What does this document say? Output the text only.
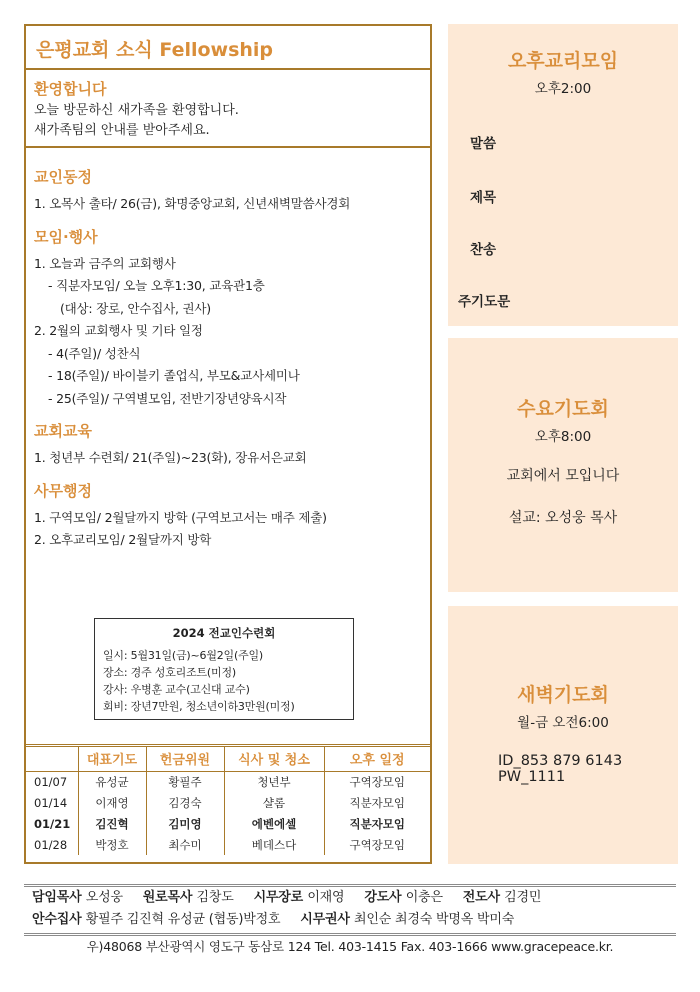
은평교회 소식 Fellowship
환영합니다
오늘 방문하신 새가족을 환영합니다.
새가족팀의 안내를 받아주세요.
교인동정
1. 오목사 출타/ 26(금), 화명중앙교회, 신년새벽말씀사경회
모임·행사
1. 오늘과 금주의 교회행사
- 직분자모임/ 오늘 오후1:30, 교육관1층
(대상: 장로, 안수집사, 권사)
2. 2월의 교회행사 및 기타 일정
- 4(주일)/ 성찬식
- 18(주일)/ 바이블키 졸업식, 부모&교사세미나
- 25(주일)/ 구역별모임, 전반기장년양육시작
교회교육
1. 청년부 수련회/ 21(주일)~23(화), 장유서은교회
사무행정
1. 구역모임/ 2월달까지 방학 (구역보고서는 매주 제출)
2. 오후교리모임/ 2월달까지 방학
2024 전교인수련회
일시: 5월31일(금)~6월2일(주일)
장소: 경주 성호리조트(미정)
강사: 우병훈 교수(고신대 교수)
회비: 장년7만원, 청소년이하3만원(미정)
	대표기도	헌금위원	식사 및 청소	오후 일정
01/07	유성균	황필주	청년부	구역장모임
01/14	이재영	김경숙	샬롬	직분자모임
01/21	김진혁	김미영	에벤에셀	직분자모임
01/28	박정호	최수미	베데스다	구역장모임
오후교리모임
오후2:00
말씀
제목
찬송
주기도문
수요기도회
오후8:00
교회에서 모입니다
설교: 오성웅 목사
새벽기도회
월-금 오전6:00
ID_853 879 6143
PW_1111
담임목사 오성웅 원로목사 김창도 시무장로 이재영 강도사 이충은 전도사 김경민
안수집사 황필주 김진혁 유성균 (협동)박정호 시무권사 최인순 최경숙 박명옥 박미숙
우)48068 부산광역시 영도구 동삼로 124 Tel. 403-1415 Fax. 403-1666 www.gracepeace.kr.
